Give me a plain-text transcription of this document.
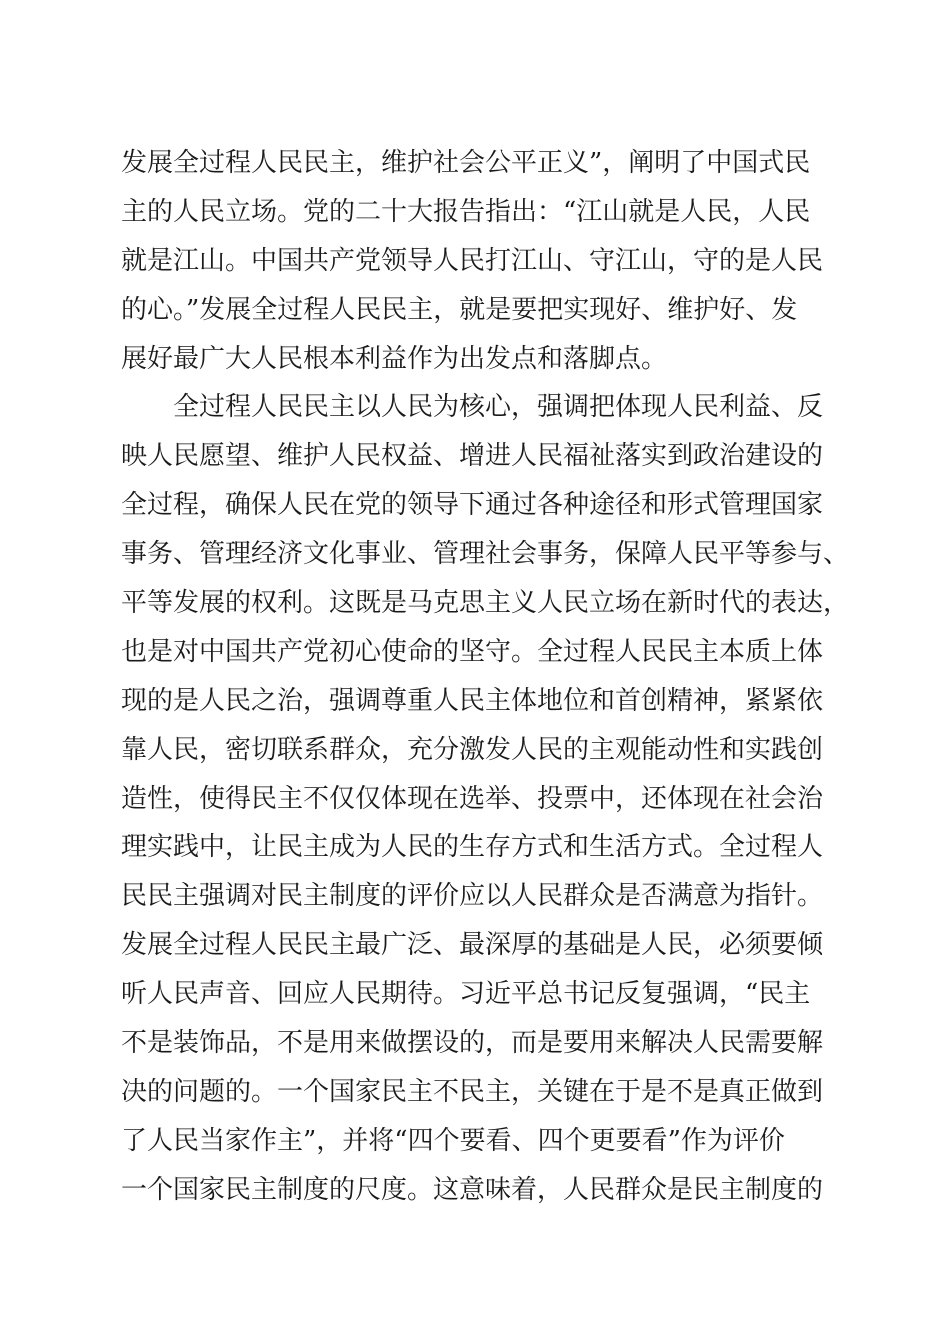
发展全过程人民民主，维护社会公平正义”，阐明了中国式民
主的人民立场。党的二十大报告指出：“江山就是人民，人民
就是江山。中国共产党领导人民打江山、守江山，守的是人民
的心。”发展全过程人民民主，就是要把实现好、维护好、发
展好最广大人民根本利益作为出发点和落脚点。
全过程人民民主以人民为核心，强调把体现人民利益、反
映人民愿望、维护人民权益、增进人民福祉落实到政治建设的
全过程，确保人民在党的领导下通过各种途径和形式管理国家
事务、管理经济文化事业、管理社会事务，保障人民平等参与、
平等发展的权利。这既是马克思主义人民立场在新时代的表达，
也是对中国共产党初心使命的坚守。全过程人民民主本质上体
现的是人民之治，强调尊重人民主体地位和首创精神，紧紧依
靠人民，密切联系群众，充分激发人民的主观能动性和实践创
造性，使得民主不仅仅体现在选举、投票中，还体现在社会治
理实践中，让民主成为人民的生存方式和生活方式。全过程人
民民主强调对民主制度的评价应以人民群众是否满意为指针。
发展全过程人民民主最广泛、最深厚的基础是人民，必须要倾
听人民声音、回应人民期待。习近平总书记反复强调，“民主
不是装饰品，不是用来做摆设的，而是要用来解决人民需要解
决的问题的。一个国家民主不民主，关键在于是不是真正做到
了人民当家作主”，并将“四个要看、四个更要看”作为评价
一个国家民主制度的尺度。这意味着，人民群众是民主制度的
